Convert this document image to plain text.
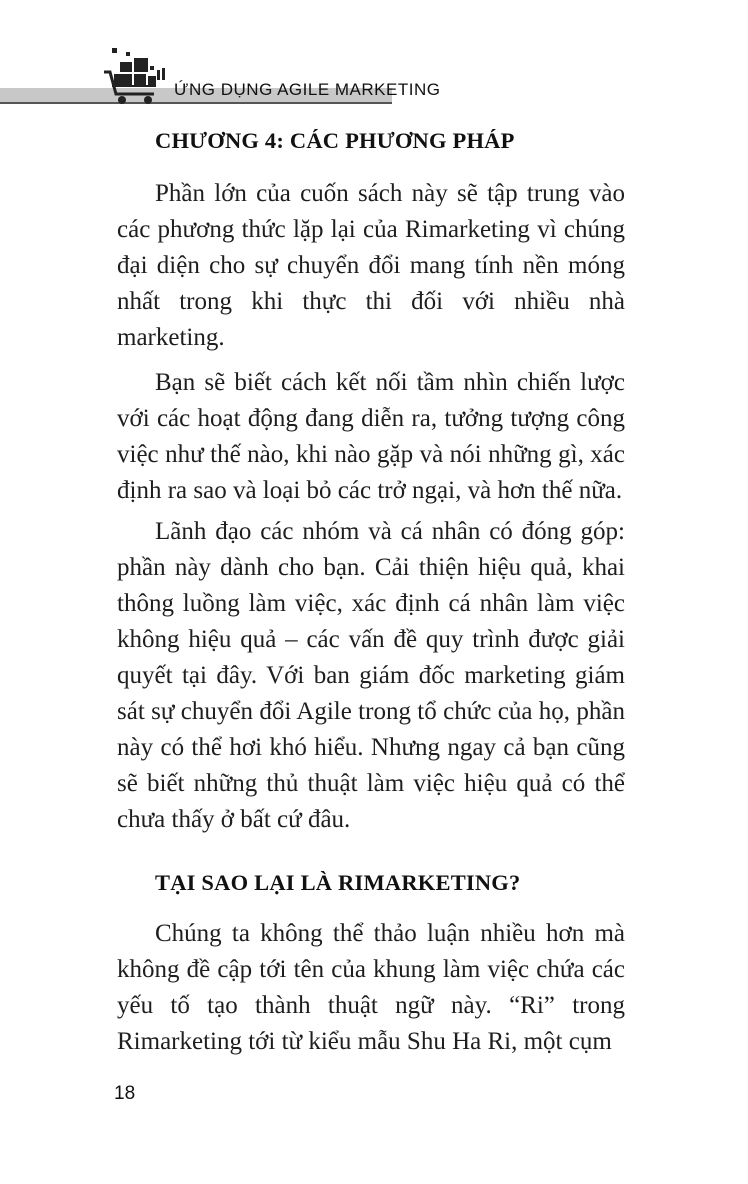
ỨNG DỤNG AGILE MARKETING
CHƯƠNG 4: CÁC PHƯƠNG PHÁP

Phần lớn của cuốn sách này sẽ tập trung vào các phương thức lặp lại của Rimarketing vì chúng đại diện cho sự chuyển đổi mang tính nền móng nhất trong khi thực thi đối với nhiều nhà marketing.

Bạn sẽ biết cách kết nối tầm nhìn chiến lược với các hoạt động đang diễn ra, tưởng tượng công việc như thế nào, khi nào gặp và nói những gì, xác định ra sao và loại bỏ các trở ngại, và hơn thế nữa.

Lãnh đạo các nhóm và cá nhân có đóng góp: phần này dành cho bạn. Cải thiện hiệu quả, khai thông luồng làm việc, xác định cá nhân làm việc không hiệu quả – các vấn đề quy trình được giải quyết tại đây. Với ban giám đốc marketing giám sát sự chuyển đổi Agile trong tổ chức của họ, phần này có thể hơi khó hiểu. Nhưng ngay cả bạn cũng sẽ biết những thủ thuật làm việc hiệu quả có thể chưa thấy ở bất cứ đâu.

TẠI SAO LẠI LÀ RIMARKETING?

Chúng ta không thể thảo luận nhiều hơn mà không đề cập tới tên của khung làm việc chứa các yếu tố tạo thành thuật ngữ này. “Ri” trong Rimarketing tới từ kiểu mẫu Shu Ha Ri, một cụm

18
